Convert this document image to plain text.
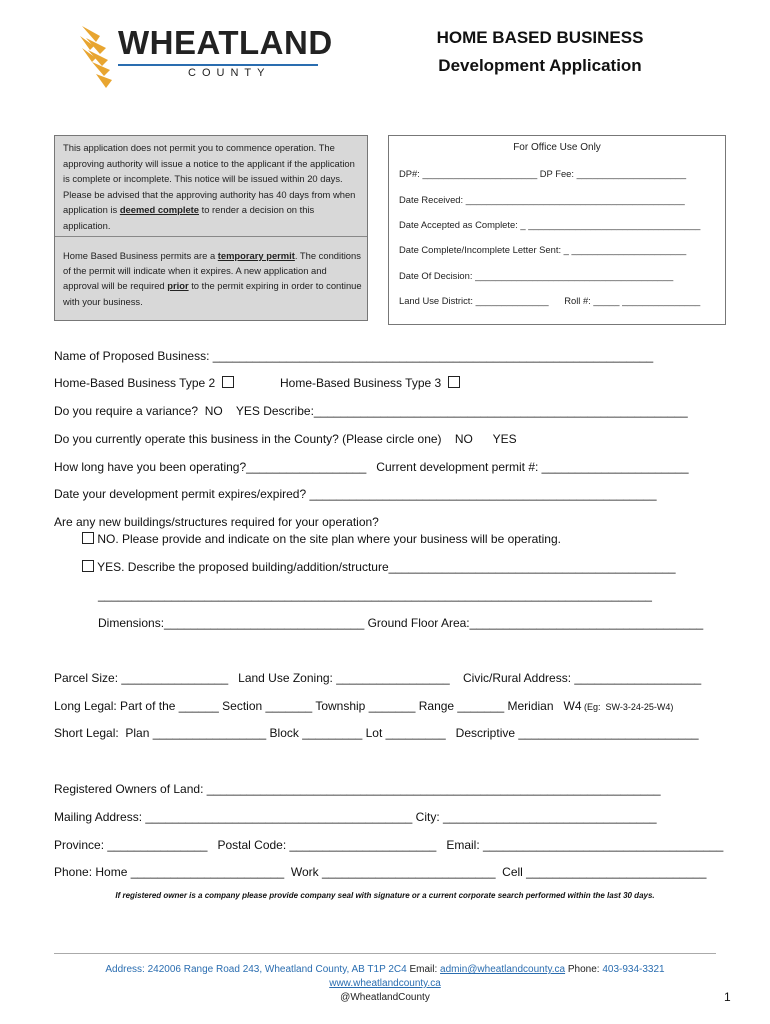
WHEATLAND
COUNTY
HOME BASED BUSINESS
Development Application
This application does not permit you to commence operation. The approving authority will issue a notice to the applicant if the application is complete or incomplete. This notice will be issued within 20 days. Please be advised that the approving authority has 40 days from when application is deemed complete to render a decision on this application.
Home Based Business permits are a temporary permit. The conditions of the permit will indicate when it expires. A new application and approval will be required prior to the permit expiring in order to continue with your business.
For Office Use Only
DP#: ______________________ DP Fee: _____________________
Date Received: __________________________________________
Date Accepted as Complete: _ _________________________________
Date Complete/Incomplete Letter Sent: _ ______________________
Date Of Decision: ______________________________________
Land Use District: ______________      Roll #: _____ _______________
Name of Proposed Business: __________________________________________________________________
Home-Based Business Type 2	Home-Based Business Type 3
Do you require a variance?  NO    YES Describe:________________________________________________________
Do you currently operate this business in the County? (Please circle one)    NO      YES
How long have you been operating?__________________   Current development permit #: ______________________
Date your development permit expires/expired? ____________________________________________________
Are any new buildings/structures required for your operation?
NO. Please provide and indicate on the site plan where your business will be operating.
YES. Describe the proposed building/addition/structure___________________________________________
___________________________________________________________________________________
Dimensions:______________________________ Ground Floor Area:___________________________________
Parcel Size: ________________   Land Use Zoning: _________________    Civic/Rural Address: ___________________
Long Legal: Part of the ______ Section _______ Township _______ Range _______ Meridian   W4 (Eg:  SW-3-24-25-W4)
Short Legal:  Plan _________________ Block _________ Lot _________   Descriptive ___________________________
Registered Owners of Land: ____________________________________________________________________
Mailing Address: ________________________________________ City: ________________________________
Province: _______________   Postal Code: ______________________   Email: ____________________________________
Phone: Home _______________________  Work __________________________  Cell ___________________________
If registered owner is a company please provide company seal with signature or a current corporate search performed within the last 30 days.
Address: 242006 Range Road 243, Wheatland County, AB T1P 2C4 Email: admin@wheatlandcounty.ca Phone: 403-934-3321
www.wheatlandcounty.ca
@WheatlandCounty	1
